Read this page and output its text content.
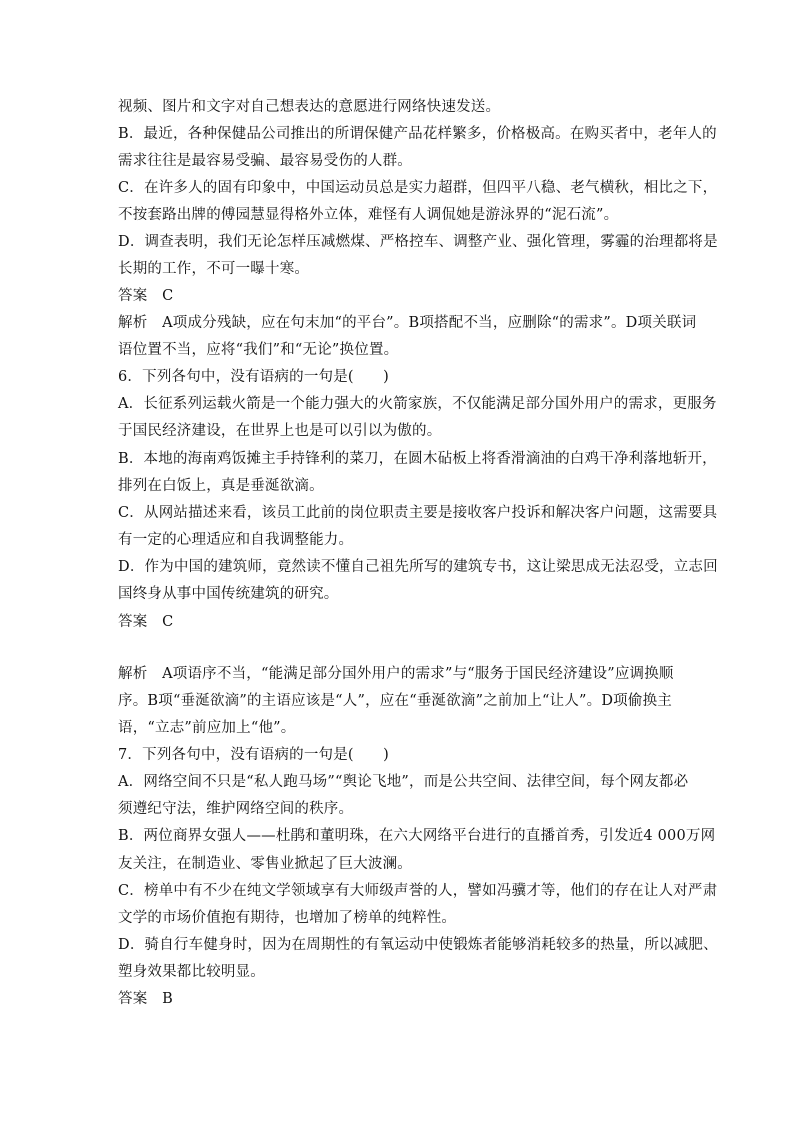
视频、图片和文字对自己想表达的意愿进行网络快速发送。
B．最近，各种保健品公司推出的所谓保健产品花样繁多，价格极高。在购买者中，老年人的
需求往往是最容易受骗、最容易受伤的人群。
C．在许多人的固有印象中，中国运动员总是实力超群，但四平八稳、老气横秋，相比之下，
不按套路出牌的傅园慧显得格外立体，难怪有人调侃她是游泳界的“泥石流”。
D．调查表明，我们无论怎样压减燃煤、严格控车、调整产业、强化管理，雾霾的治理都将是
长期的工作，不可一曝十寒。
答案　C
解析　A项成分残缺，应在句末加“的平台”。B项搭配不当，应删除“的需求”。D项关联词
语位置不当，应将“我们”和“无论”换位置。
6．下列各句中，没有语病的一句是(　　)
A．长征系列运载火箭是一个能力强大的火箭家族，不仅能满足部分国外用户的需求，更服务
于国民经济建设，在世界上也是可以引以为傲的。
B．本地的海南鸡饭摊主手持锋利的菜刀，在圆木砧板上将香滑滴油的白鸡干净利落地斩开，
排列在白饭上，真是垂涎欲滴。
C．从网站描述来看，该员工此前的岗位职责主要是接收客户投诉和解决客户问题，这需要具
有一定的心理适应和自我调整能力。
D．作为中国的建筑师，竟然读不懂自己祖先所写的建筑专书，这让梁思成无法忍受，立志回
国终身从事中国传统建筑的研究。
答案　C
解析　A项语序不当，“能满足部分国外用户的需求”与“服务于国民经济建设”应调换顺
序。B项“垂涎欲滴”的主语应该是“人”，应在“垂涎欲滴”之前加上“让人”。D项偷换主
语，“立志”前应加上“他”。
7．下列各句中，没有语病的一句是(　　)
A．网络空间不只是“私人跑马场”“舆论飞地”，而是公共空间、法律空间，每个网友都必
须遵纪守法，维护网络空间的秩序。
B．两位商界女强人——杜鹃和董明珠，在六大网络平台进行的直播首秀，引发近4 000万网
友关注，在制造业、零售业掀起了巨大波澜。
C．榜单中有不少在纯文学领域享有大师级声誉的人，譬如冯骥才等，他们的存在让人对严肃
文学的市场价值抱有期待，也增加了榜单的纯粹性。
D．骑自行车健身时，因为在周期性的有氧运动中使锻炼者能够消耗较多的热量，所以减肥、
塑身效果都比较明显。
答案　B
